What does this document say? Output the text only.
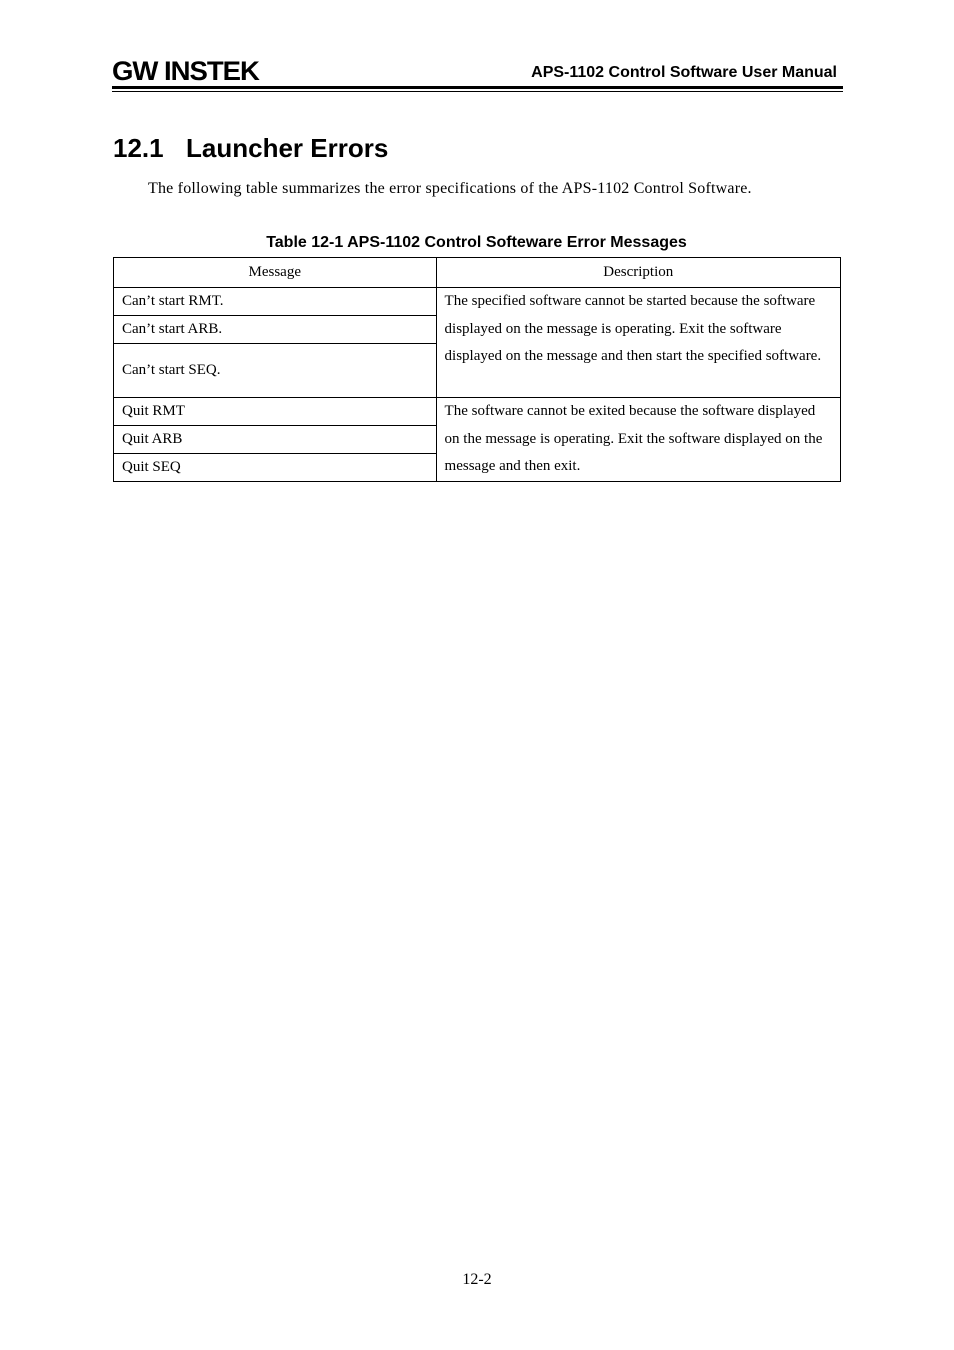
GW INSTEK	APS-1102 Control Software User Manual
12.1 Launcher Errors

The following table summarizes the error specifications of the APS-1102 Control Software.

Table 12-1 APS-1102 Control Softeware Error Messages
Message	Description
Can’t start RMT.	The specified software cannot be started because the software displayed on the message is operating. Exit the software displayed on the message and then start the specified software.
Can’t start ARB.	
Can’t start SEQ.	
Quit RMT	The software cannot be exited because the software displayed on the message is operating. Exit the software displayed on the message and then exit.
Quit ARB	
Quit SEQ	
12-2
